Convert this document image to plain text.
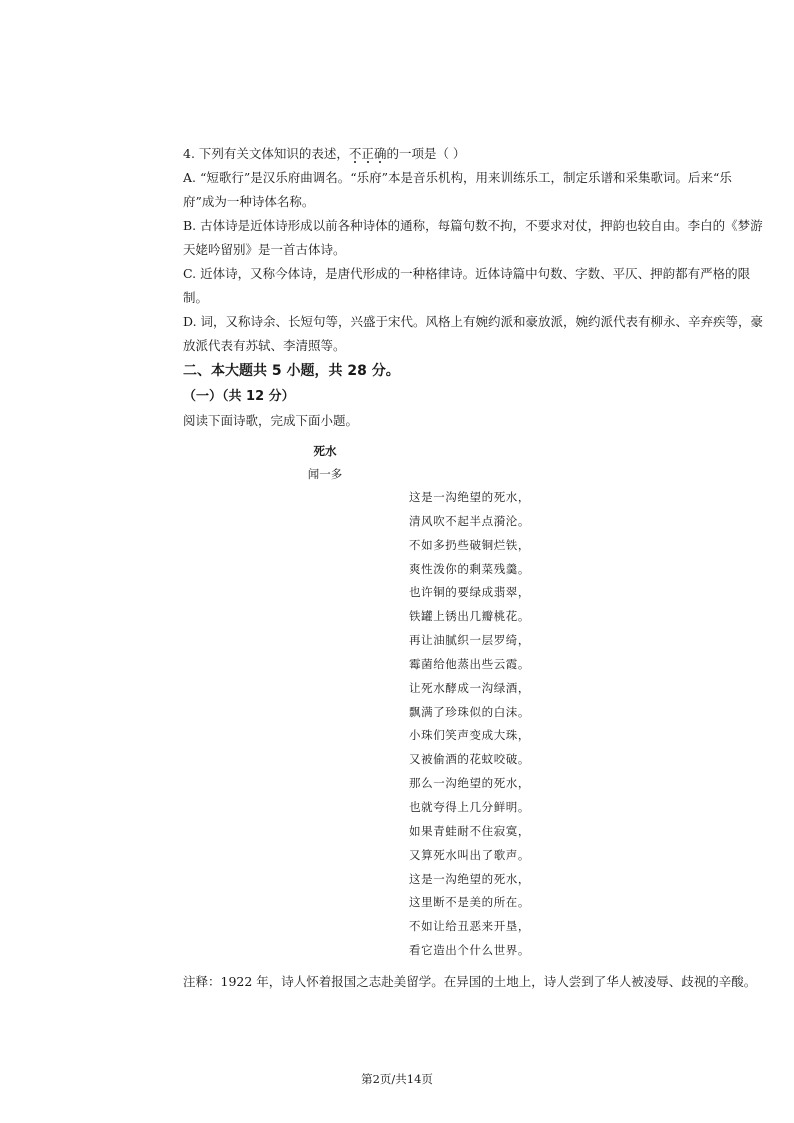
4. 下列有关文体知识的表述，不正确的一项是（ ）
A. “短歌行”是汉乐府曲调名。“乐府”本是音乐机构，用来训练乐工，制定乐谱和采集歌词。后来“乐
府”成为一种诗体名称。
B. 古体诗是近体诗形成以前各种诗体的通称，每篇句数不拘，不要求对仗，押韵也较自由。李白的《梦游
天姥吟留别》是一首古体诗。
C. 近体诗，又称今体诗，是唐代形成的一种格律诗。近体诗篇中句数、字数、平仄、押韵都有严格的限
制。
D. 词，又称诗余、长短句等，兴盛于宋代。风格上有婉约派和豪放派，婉约派代表有柳永、辛弃疾等，豪
放派代表有苏轼、李清照等。
二、本大题共 5 小题，共 28 分。
（一）（共 12 分）
阅读下面诗歌，完成下面小题。
死水
闻一多
这是一沟绝望的死水，
清风吹不起半点漪沦。
不如多扔些破铜烂铁，
爽性泼你的剩菜残羹。
也许铜的要绿成翡翠，
铁罐上锈出几瓣桃花。
再让油腻织一层罗绮，
霉菌给他蒸出些云霞。
让死水酵成一沟绿酒，
飘满了珍珠似的白沫。
小珠们笑声变成大珠，
又被偷酒的花蚊咬破。
那么一沟绝望的死水，
也就夸得上几分鲜明。
如果青蛙耐不住寂寞，
又算死水叫出了歌声。
这是一沟绝望的死水，
这里断不是美的所在。
不如让给丑恶来开垦，
看它造出个什么世界。
注释：1922 年，诗人怀着报国之志赴美留学。在异国的土地上，诗人尝到了华人被凌辱、歧视的辛酸。
第2页/共14页
